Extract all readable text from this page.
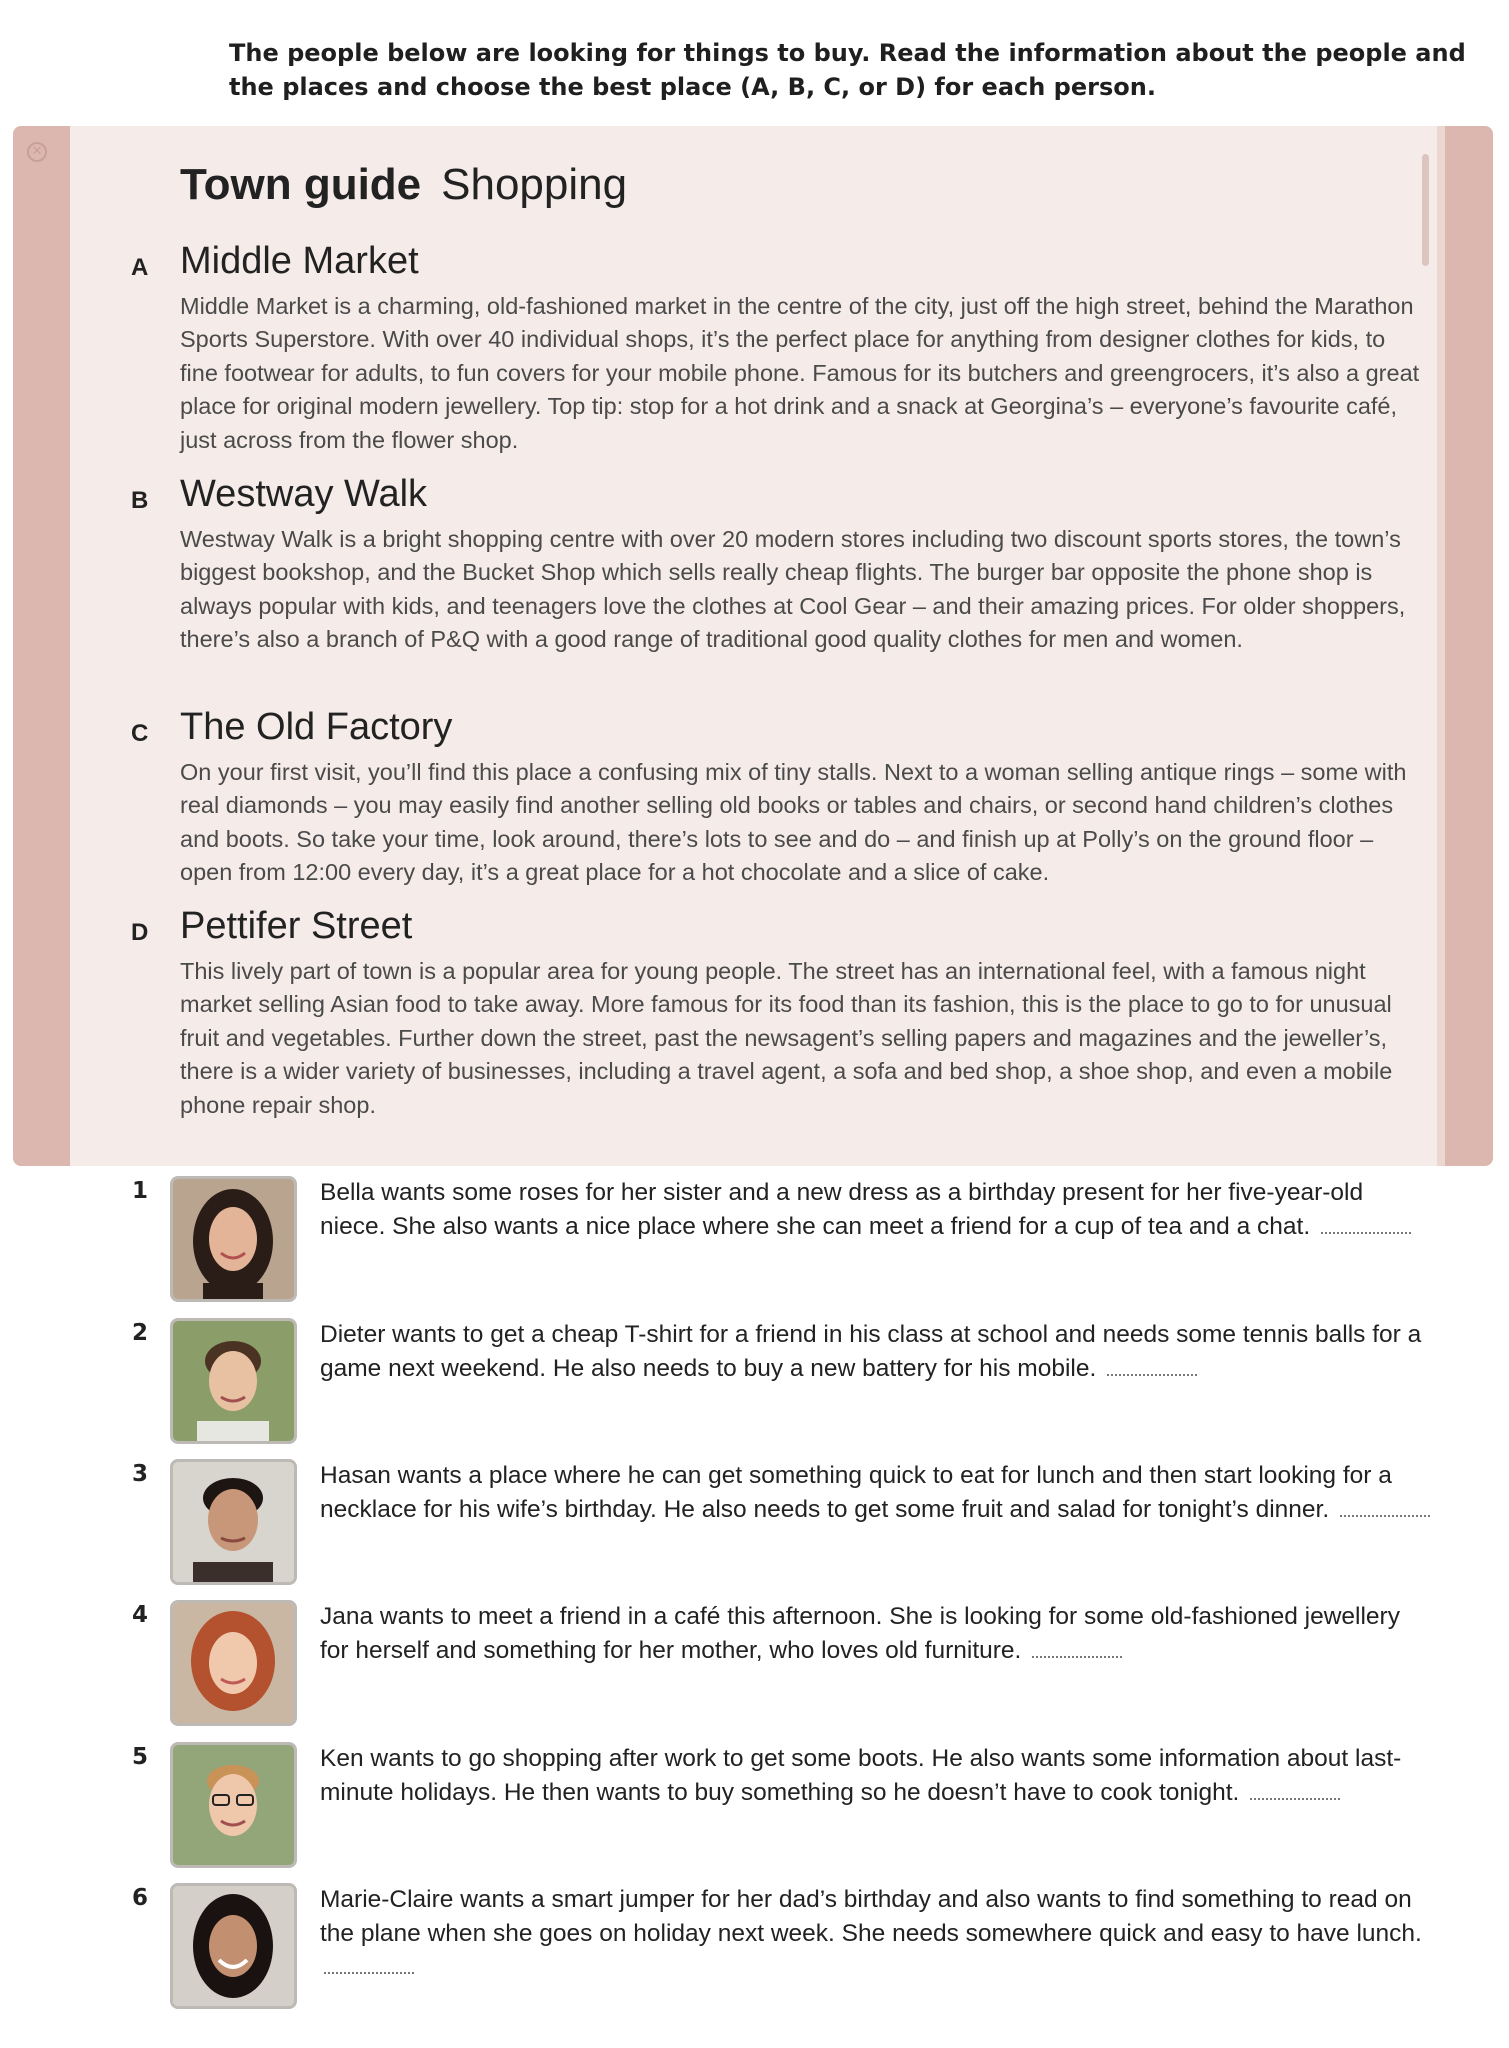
The people below are looking for things to buy. Read the information about the people and the places and choose the best place (A, B, C, or D) for each person.
✕
Town guide Shopping
A Middle Market
Middle Market is a charming, old-fashioned market in the centre of the city, just off the high street, behind the Marathon Sports Superstore. With over 40 individual shops, it’s the perfect place for anything from designer clothes for kids, to fine footwear for adults, to fun covers for your mobile phone. Famous for its butchers and greengrocers, it’s also a great place for original modern jewellery. Top tip: stop for a hot drink and a snack at Georgina’s – everyone’s favourite café, just across from the flower shop.
B Westway Walk
Westway Walk is a bright shopping centre with over 20 modern stores including two discount sports stores, the town’s biggest bookshop, and the Bucket Shop which sells really cheap flights. The burger bar opposite the phone shop is always popular with kids, and teenagers love the clothes at Cool Gear – and their amazing prices. For older shoppers, there’s also a branch of P&Q with a good range of traditional good quality clothes for men and women.
C The Old Factory
On your first visit, you’ll find this place a confusing mix of tiny stalls. Next to a woman selling antique rings – some with real diamonds – you may easily find another selling old books or tables and chairs, or second hand children’s clothes and boots. So take your time, look around, there’s lots to see and do – and finish up at Polly’s on the ground floor – open from 12:00 every day, it’s a great place for a hot chocolate and a slice of cake.
D Pettifer Street
This lively part of town is a popular area for young people. The street has an international feel, with a famous night market selling Asian food to take away. More famous for its food than its fashion, this is the place to go to for unusual fruit and vegetables. Further down the street, past the newsagent’s selling papers and magazines and the jeweller’s, there is a wider variety of businesses, including a travel agent, a sofa and bed shop, a shoe shop, and even a mobile phone repair shop.
1	Bella wants some roses for her sister and a new dress as a birthday present for her five-year-old niece. She also wants a nice place where she can meet a friend for a cup of tea and a chat.
2	Dieter wants to get a cheap T-shirt for a friend in his class at school and needs some tennis balls for a game next weekend. He also needs to buy a new battery for his mobile.
3	Hasan wants a place where he can get something quick to eat for lunch and then start looking for a necklace for his wife’s birthday. He also needs to get some fruit and salad for tonight’s dinner.
4	Jana wants to meet a friend in a café this afternoon. She is looking for some old-fashioned jewellery for herself and something for her mother, who loves old furniture.
5	Ken wants to go shopping after work to get some boots. He also wants some information about last-minute holidays. He then wants to buy something so he doesn’t have to cook tonight.
6	Marie-Claire wants a smart jumper for her dad’s birthday and also wants to find something to read on the plane when she goes on holiday next week. She needs somewhere quick and easy to have lunch.
